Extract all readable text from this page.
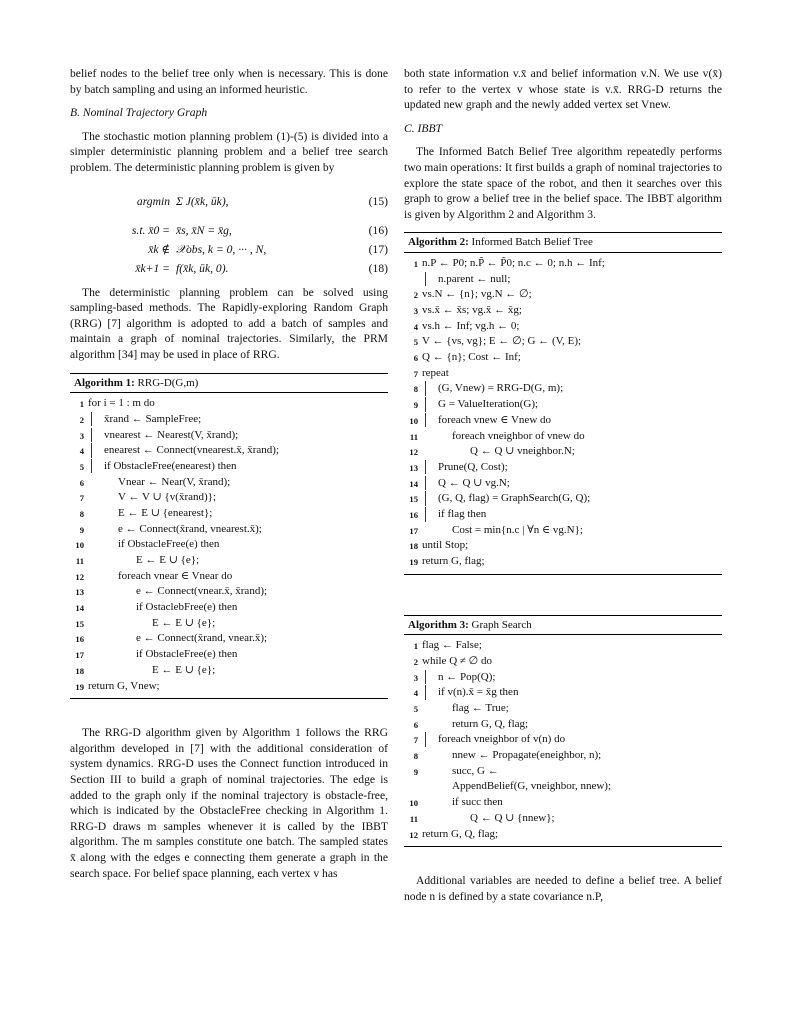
belief nodes to the belief tree only when is necessary. This is done by batch sampling and using an informed heuristic.

B. Nominal Trajectory Graph

The stochastic motion planning problem (1)-(5) is divided into a simpler deterministic planning problem and a belief tree search problem. The deterministic planning problem is given by

argmin Σ J(x̄k, ūk),	(15)
s.t. x̄0 = x̄s, x̄N = x̄g,	(16)
x̄k ∉ 𝒳obs, k = 0, ··· , N,	(17)
x̄k+1 = f(x̄k, ūk, 0).	(18)

The deterministic planning problem can be solved using sampling-based methods. The Rapidly-exploring Random Graph (RRG) [7] algorithm is adopted to add a batch of samples and maintain a graph of nominal trajectories. Similarly, the PRM algorithm [34] may be used in place of RRG.

Algorithm 1: RRG-D(G,m)
1 for i = 1 : m do
2	x̄rand ← SampleFree;
3	vnearest ← Nearest(V, x̄rand);
4	enearest ← Connect(vnearest.x̄, x̄rand);
5	if ObstacleFree(enearest) then
6	Vnear ← Near(V, x̄rand);
7	V ← V ∪ {v(x̄rand)};
8	E ← E ∪ {enearest};
9	e ← Connect(x̄rand, vnearest.x̄);
10	if ObstacleFree(e) then
11	E ← E ∪ {e};
12	foreach vnear ∈ Vnear do
13	e ← Connect(vnear.x̄, x̄rand);
14	if OstaclebFree(e) then
15	E ← E ∪ {e};
16	e ← Connect(x̄rand, vnear.x̄);
17	if ObstacleFree(e) then
18	E ← E ∪ {e};
19 return G, Vnew;

The RRG-D algorithm given by Algorithm 1 follows the RRG algorithm developed in [7] with the additional consideration of system dynamics. RRG-D uses the Connect function introduced in Section III to build a graph of nominal trajectories. The edge is added to the graph only if the nominal trajectory is obstacle-free, which is indicated by the ObstacleFree checking in Algorithm 1. RRG-D draws m samples whenever it is called by the IBBT algorithm. The m samples constitute one batch. The sampled states x̄ along with the edges e connecting them generate a graph in the search space. For belief space planning, each vertex v has

both state information v.x̄ and belief information v.N. We use v(x̄) to refer to the vertex v whose state is v.x̄. RRG-D returns the updated new graph and the newly added vertex set Vnew.

C. IBBT

The Informed Batch Belief Tree algorithm repeatedly performs two main operations: It first builds a graph of nominal trajectories to explore the state space of the robot, and then it searches over this graph to grow a belief tree in the belief space. The IBBT algorithm is given by Algorithm 2 and Algorithm 3.

Algorithm 2: Informed Batch Belief Tree
1 n.P ← P0; n.P̃ ← P̃0; n.c ← 0; n.h ← Inf;
n.parent ← null;
2 vs.N ← {n}; vg.N ← ∅;
3 vs.x̄ ← x̄s; vg.x̄ ← x̄g;
4 vs.h ← Inf; vg.h ← 0;
5 V ← {vs, vg}; E ← ∅; G ← (V, E);
6 Q ← {n}; Cost ← Inf;
7 repeat
8	(G, Vnew) = RRG-D(G, m);
9	G = ValueIteration(G);
10	foreach vnew ∈ Vnew do
11	foreach vneighbor of vnew do
12	Q ← Q ∪ vneighbor.N;
13	Prune(Q, Cost);
14	Q ← Q ∪ vg.N;
15	(G, Q, flag) = GraphSearch(G, Q);
16	if flag then
17	Cost = min{n.c | ∀n ∈ vg.N};
18 until Stop;
19 return G, flag;
Algorithm 3: Graph Search
1 flag ← False;
2 while Q ≠ ∅ do
3	n ← Pop(Q);
4	if v(n).x̄ = x̄g then
5	flag ← True;
6	return G, Q, flag;
7	foreach vneighbor of v(n) do
8	nnew ← Propagate(eneighbor, n);
9	succ, G ←
AppendBelief(G, vneighbor, nnew);
10	if succ then
11	Q ← Q ∪ {nnew};
12 return G, Q, flag;

Additional variables are needed to define a belief tree. A belief node n is defined by a state covariance n.P,
